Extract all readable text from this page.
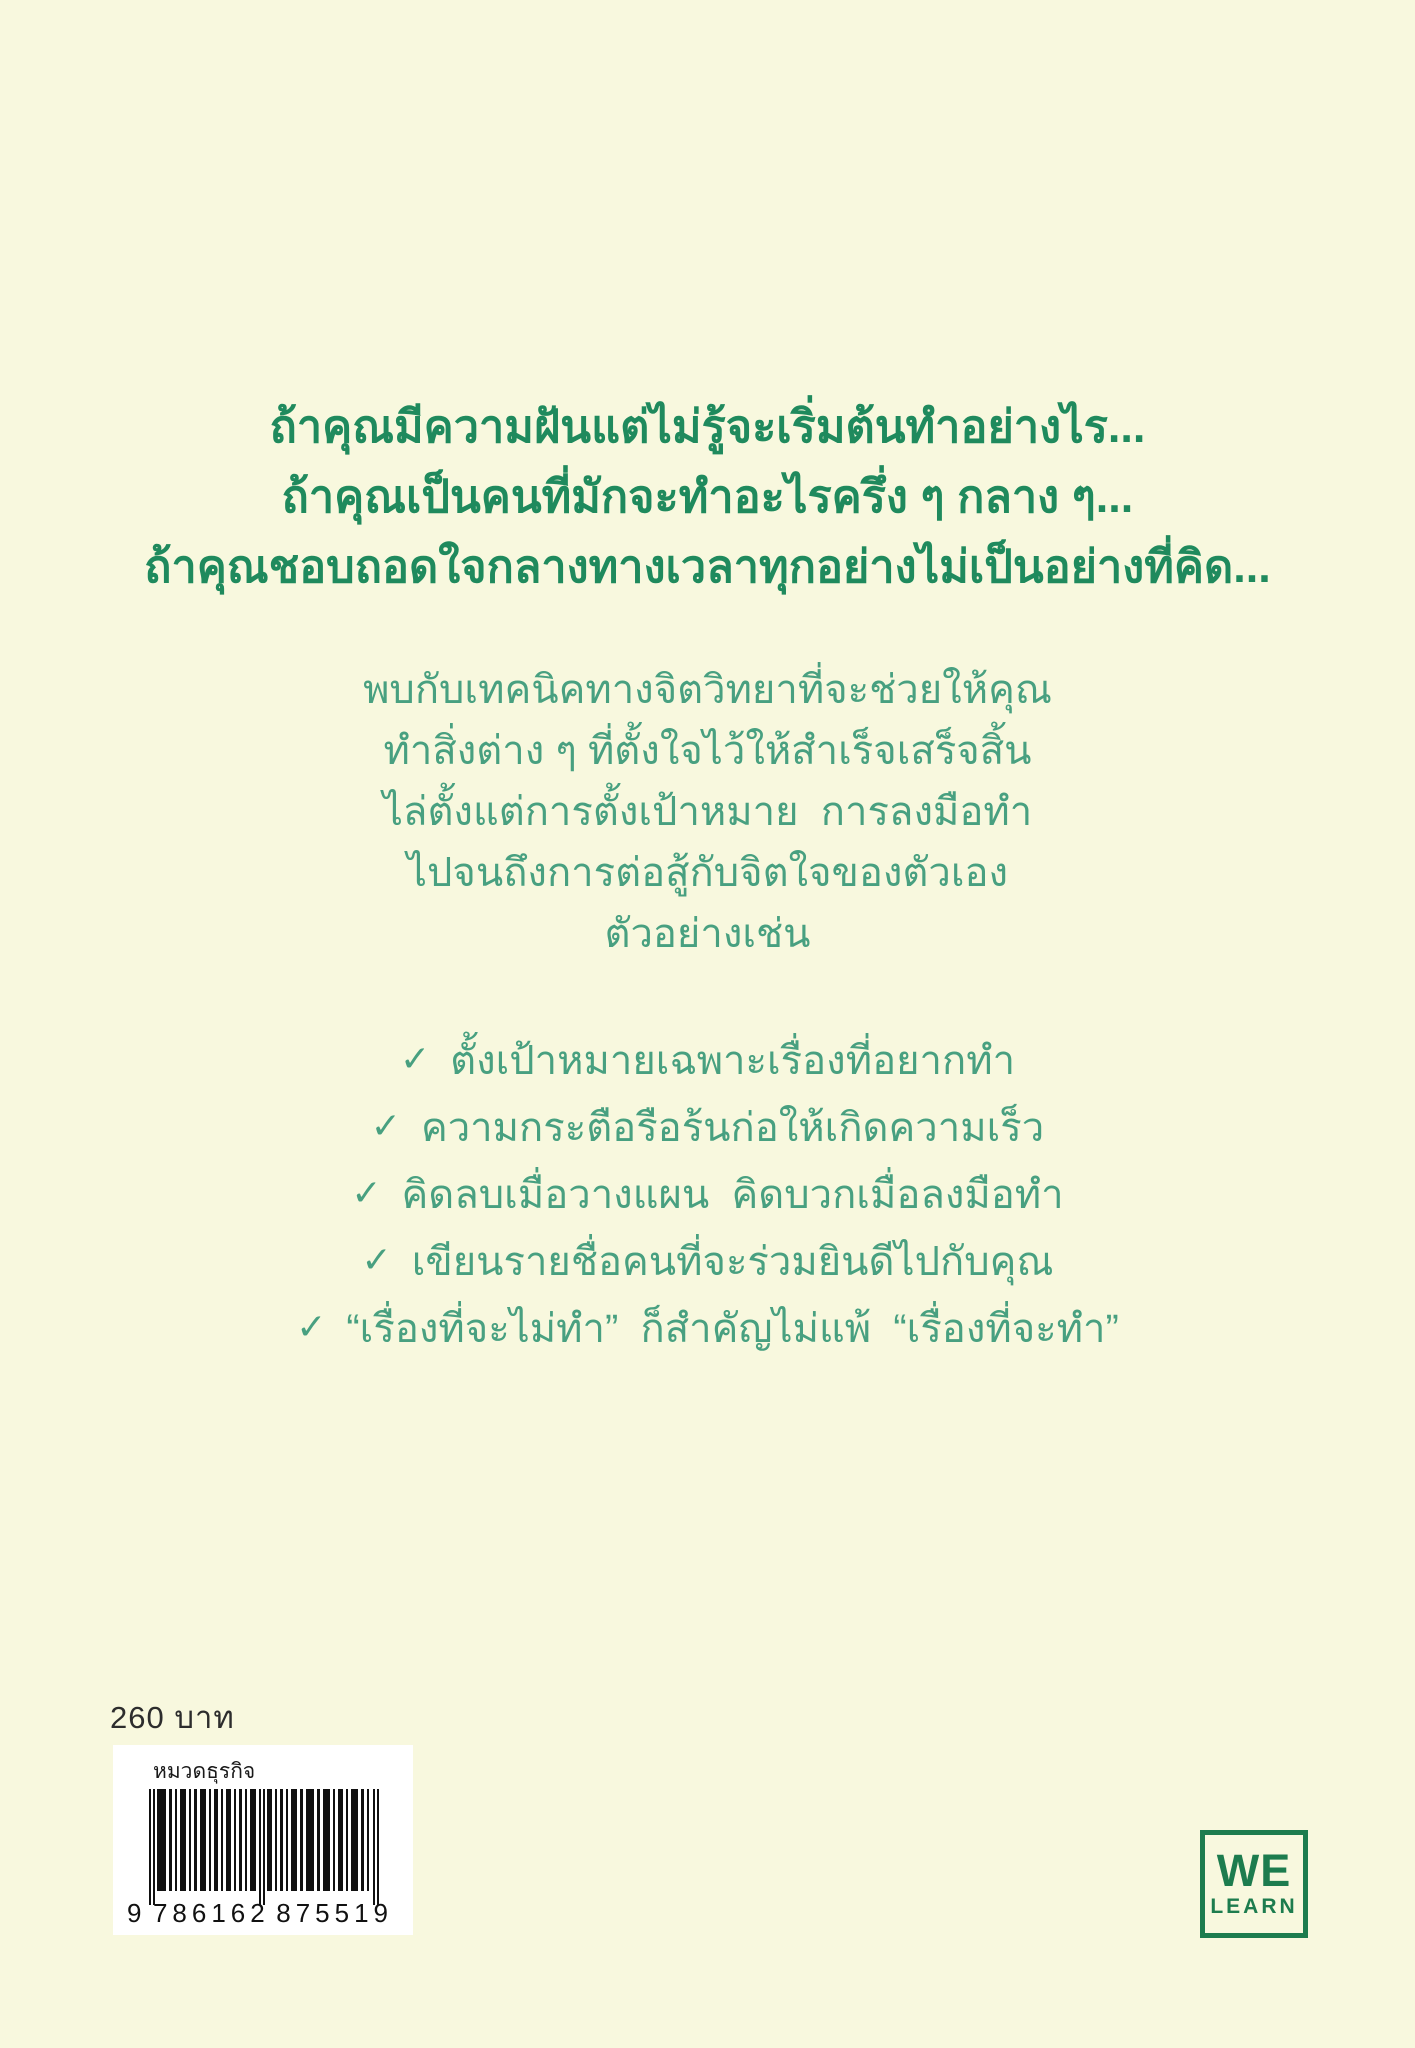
ถ้าคุณมีความฝันแต่ไม่รู้จะเริ่มต้นทำอย่างไร...
ถ้าคุณเป็นคนที่มักจะทำอะไรครึ่ง ๆ กลาง ๆ...
ถ้าคุณชอบถอดใจกลางทางเวลาทุกอย่างไม่เป็นอย่างที่คิด...
พบกับเทคนิคทางจิตวิทยาที่จะช่วยให้คุณ
ทำสิ่งต่าง ๆ ที่ตั้งใจไว้ให้สำเร็จเสร็จสิ้น
ไล่ตั้งแต่การตั้งเป้าหมาย  การลงมือทำ
ไปจนถึงการต่อสู้กับจิตใจของตัวเอง
ตัวอย่างเช่น
✓ ตั้งเป้าหมายเฉพาะเรื่องที่อยากทำ
✓ ความกระตือรือร้นก่อให้เกิดความเร็ว
✓ คิดลบเมื่อวางแผน  คิดบวกเมื่อลงมือทำ
✓ เขียนรายชื่อคนที่จะร่วมยินดีไปกับคุณ
✓ “เรื่องที่จะไม่ทำ”  ก็สำคัญไม่แพ้  “เรื่องที่จะทำ”
260 บาท
หมวดธุรกิจ
9 786162 875519
WE
LEARN
